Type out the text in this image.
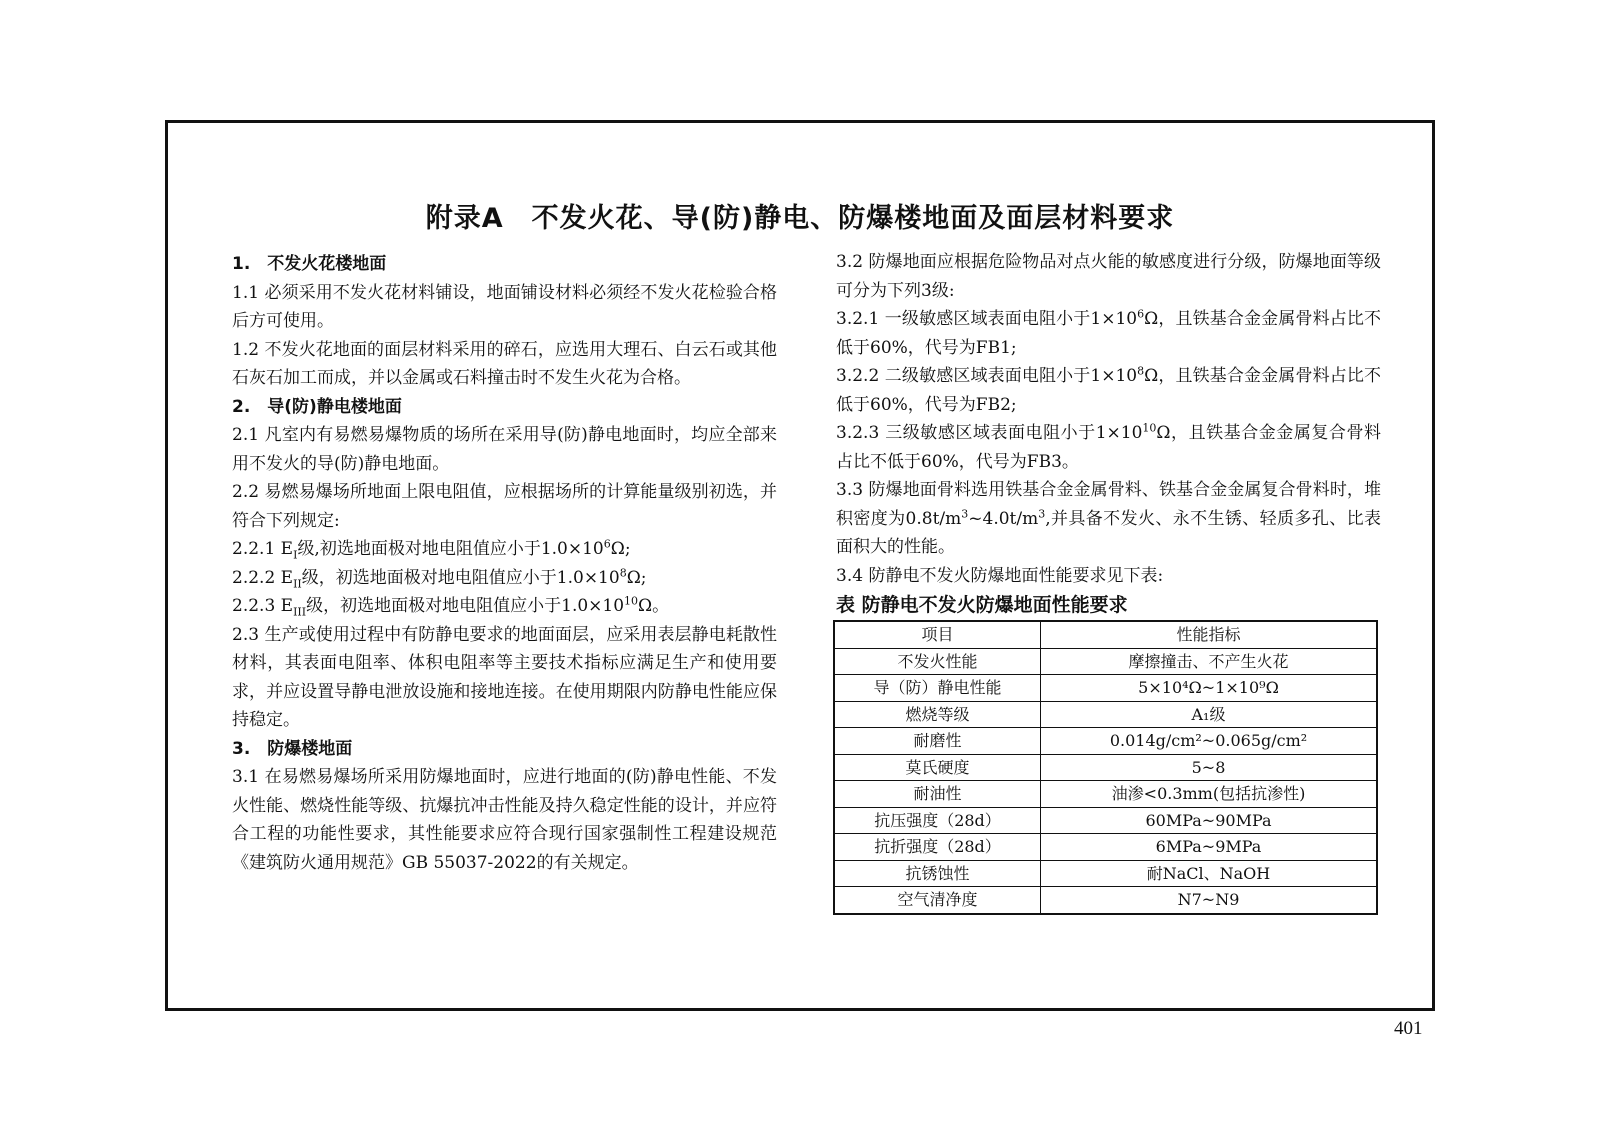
附录A　不发火花、导(防)静电、防爆楼地面及面层材料要求

1.　不发火花楼地面

1.1 必须采用不发火花材料铺设，地面铺设材料必须经不发火花检验合格后方可使用。

1.2 不发火花地面的面层材料采用的碎石，应选用大理石、白云石或其他石灰石加工而成，并以金属或石料撞击时不发生火花为合格。

2.　导(防)静电楼地面

2.1 凡室内有易燃易爆物质的场所在采用导(防)静电地面时，均应全部来用不发火的导(防)静电地面。

2.2 易燃易爆场所地面上限电阻值，应根据场所的计算能量级别初选，并符合下列规定:

2.2.1 $E_I$级,初选地面极对地电阻值应小于$1.0\times 10^6\Omega$;

2.2.2 $E_{II}$级，初选地面极对地电阻值应小于$1.0\times 10^8\Omega$;

2.2.3 $E_{III}$级，初选地面极对地电阻值应小于$1.0\times 10^{10}\Omega$。

2.3 生产或使用过程中有防静电要求的地面面层，应采用表层静电耗散性材料，其表面电阻率、体积电阻率等主要技术指标应满足生产和使用要求，并应设置导静电泄放设施和接地连接。在使用期限内防静电性能应保持稳定。

3.　防爆楼地面

3.1 在易燃易爆场所采用防爆地面时，应进行地面的(防)静电性能、不发火性能、燃烧性能等级、抗爆抗冲击性能及持久稳定性能的设计，并应符合工程的功能性要求，其性能要求应符合现行国家强制性工程建设规范《建筑防火通用规范》GB 55037-2022的有关规定。

3.2 防爆地面应根据危险物品对点火能的敏感度进行分级，防爆地面等级可分为下列3级:

3.2.1 一级敏感区域表面电阻小于$1\times 10^6\Omega$，且铁基合金金属骨料占比不低于60%，代号为FB1;

3.2.2 二级敏感区域表面电阻小于$1\times 10^8\Omega$，且铁基合金金属骨料占比不低于60%，代号为FB2;

3.2.3 三级敏感区域表面电阻小于$1\times 10^{10}\Omega$，且铁基合金金属复合骨料占比不低于60%，代号为FB3。

3.3 防爆地面骨料选用铁基合金金属骨料、铁基合金金属复合骨料时，堆积密度为$0.8t/m^3\sim 4.0t/m^3$,并具备不发火、永不生锈、轻质多孔、比表面积大的性能。

3.4 防静电不发火防爆地面性能要求见下表:

表 防静电不发火防爆地面性能要求

项目	性能指标
不发火性能	摩擦撞击、不产生火花
导（防）静电性能	5×10⁴Ω~1×10⁹Ω
燃烧等级	A₁级
耐磨性	0.014g/cm²~0.065g/cm²
莫氏硬度	5~8
耐油性	油渗<0.3mm(包括抗渗性)
抗压强度（28d）	60MPa~90MPa
抗折强度（28d）	6MPa~9MPa
抗锈蚀性	耐NaCl、NaOH
空气清净度	N7~N9
401
